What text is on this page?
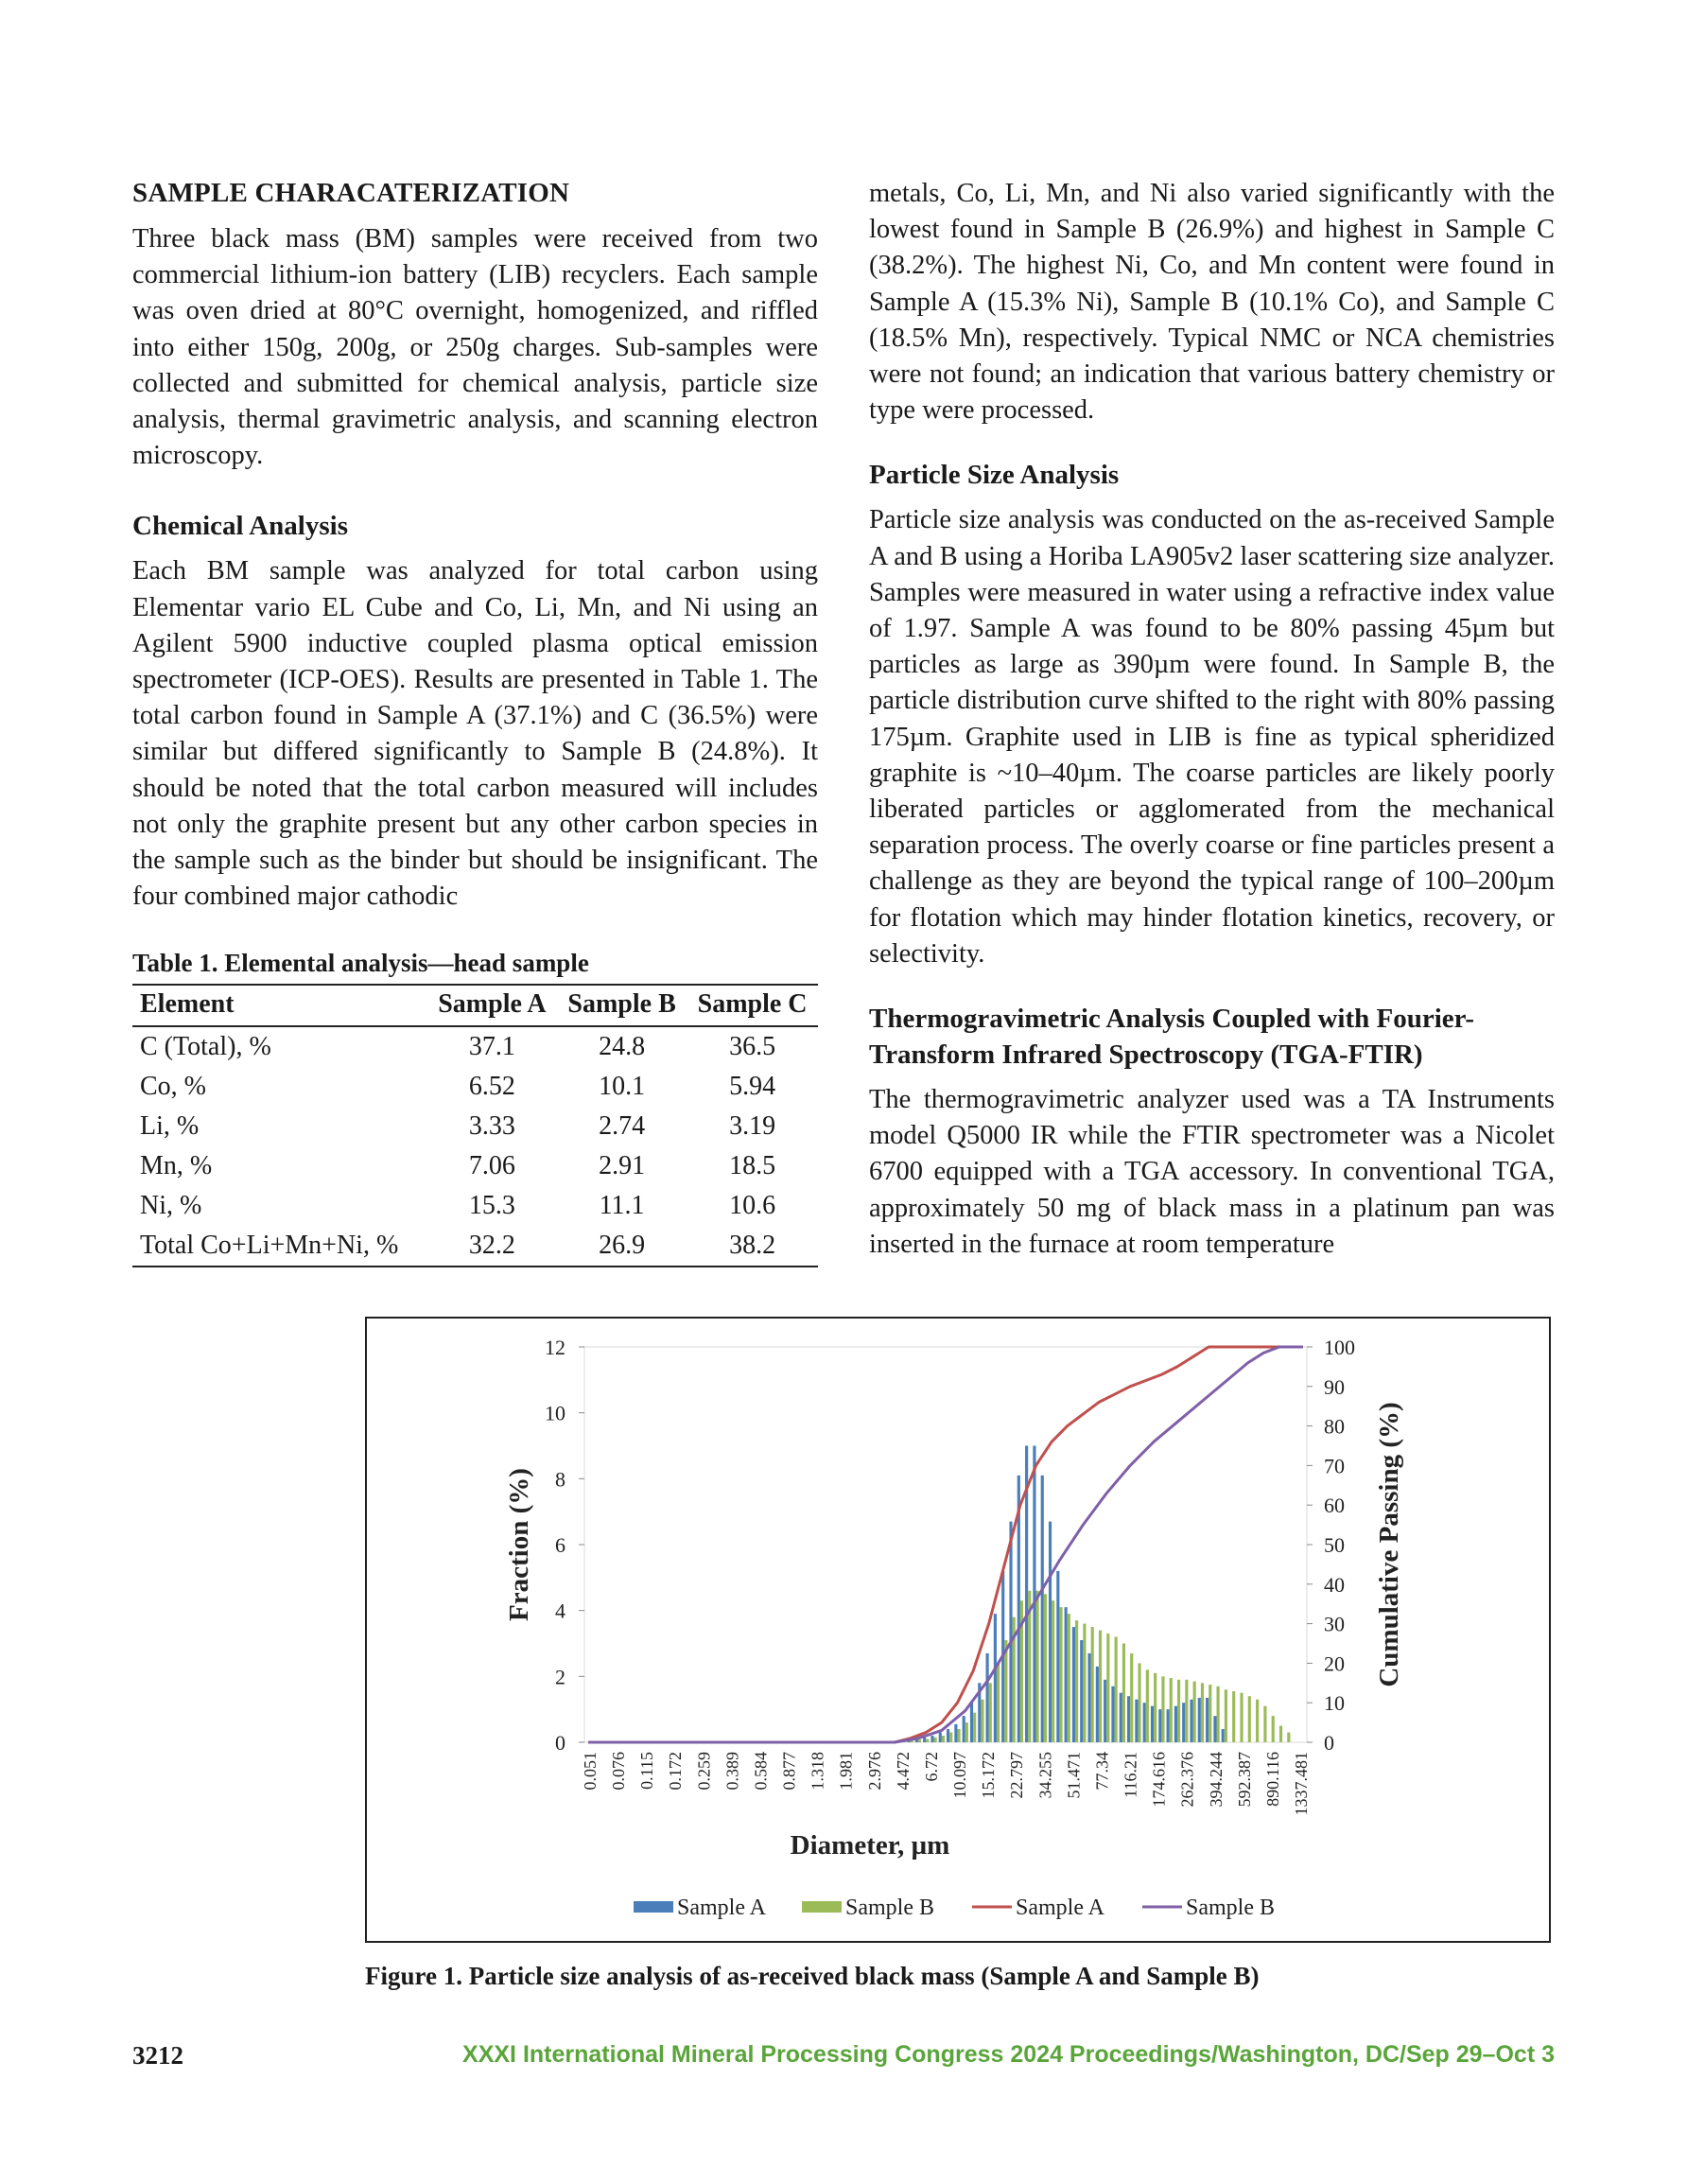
SAMPLE CHARACATERIZATION

Three black mass (BM) samples were received from two commercial lithium-ion battery (LIB) recyclers. Each sample was oven dried at 80°C overnight, homogenized, and riffled into either 150g, 200g, or 250g charges. Sub-samples were collected and submitted for chemical analysis, particle size analysis, thermal gravimetric analysis, and scanning electron microscopy.

Chemical Analysis

Each BM sample was analyzed for total carbon using Elementar vario EL Cube and Co, Li, Mn, and Ni using an Agilent 5900 inductive coupled plasma optical emission spectrometer (ICP-OES). Results are presented in Table 1. The total carbon found in Sample A (37.1%) and C (36.5%) were similar but differed significantly to Sample B (24.8%). It should be noted that the total carbon measured will includes not only the graphite present but any other carbon species in the sample such as the binder but should be insignificant. The four combined major cathodic

Table 1. Elemental analysis—head sample
Element	Sample A	Sample B	Sample C
C (Total), %	37.1	24.8	36.5
Co, %	6.52	10.1	5.94
Li, %	3.33	2.74	3.19
Mn, %	7.06	2.91	18.5
Ni, %	15.3	11.1	10.6
Total Co+Li+Mn+Ni, %	32.2	26.9	38.2

metals, Co, Li, Mn, and Ni also varied significantly with the lowest found in Sample B (26.9%) and highest in Sample C (38.2%). The highest Ni, Co, and Mn content were found in Sample A (15.3% Ni), Sample B (10.1% Co), and Sample C (18.5% Mn), respectively. Typical NMC or NCA chemistries were not found; an indication that various battery chemistry or type were processed.

Particle Size Analysis

Particle size analysis was conducted on the as-received Sample A and B using a Horiba LA905v2 laser scattering size analyzer. Samples were measured in water using a refractive index value of 1.97. Sample A was found to be 80% passing 45µm but particles as large as 390µm were found. In Sample B, the particle distribution curve shifted to the right with 80% passing 175µm. Graphite used in LIB is fine as typical spheridized graphite is ~10–40µm. The coarse particles are likely poorly liberated particles or agglomerated from the mechanical separation process. The overly coarse or fine particles present a challenge as they are beyond the typical range of 100–200µm for flotation which may hinder flotation kinetics, recovery, or selectivity.

Thermogravimetric Analysis Coupled with Fourier-Transform Infrared Spectroscopy (TGA-FTIR)

The thermogravimetric analyzer used was a TA Instruments model Q5000 IR while the FTIR spectrometer was a Nicolet 6700 equipped with a TGA accessory. In conventional TGA, approximately 50 mg of black mass in a platinum pan was inserted in the furnace at room temperature

0
2
4
6
8
10
12
0
10
20
30
40
50
60
70
80
90
100
0.051 0.076 0.115 0.172 0.259 0.389 0.584 0.877 1.318 1.981 2.976 4.472 6.72 10.097 15.172 22.797 34.255 51.471 77.34 116.21 174.616 262.376 394.244 592.387 890.116 1337.481
Fraction (%)	Cumulative Passing (%)
Diameter, µm
Sample A	Sample B	Sample A	Sample B
Figure 1. Particle size analysis of as-received black mass (Sample A and Sample B)
3212	XXXI International Mineral Processing Congress 2024 Proceedings/Washington, DC/Sep 29–Oct 3
